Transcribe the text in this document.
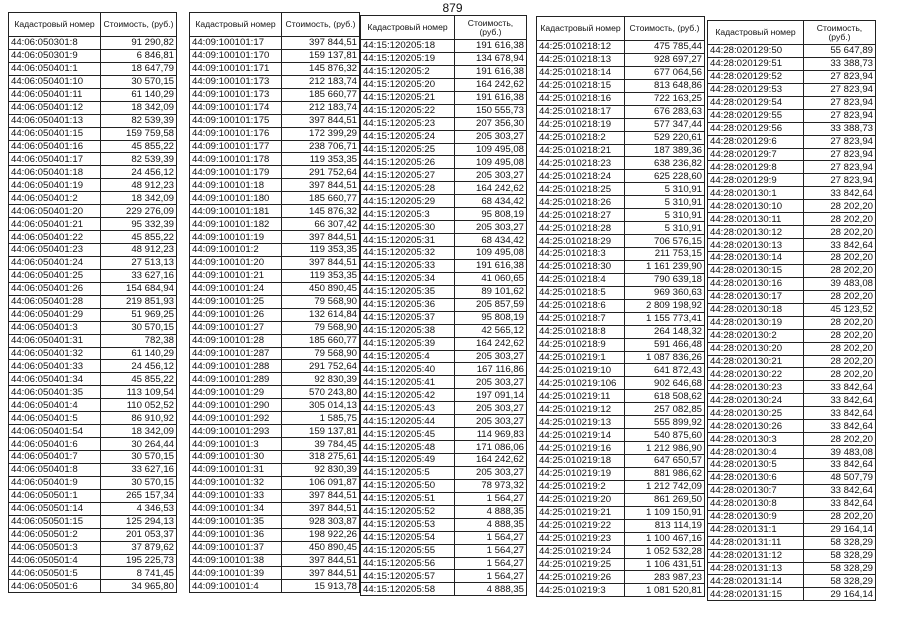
879
Кадастровый номер	Стоимость, (руб.)
44:06:050301:8	91 290,82
44:06:050301:9	6 846,81
44:06:050401:1	18 647,79
44:06:050401:10	30 570,15
44:06:050401:11	61 140,29
44:06:050401:12	18 342,09
44:06:050401:13	82 539,39
44:06:050401:15	159 759,58
44:06:050401:16	45 855,22
44:06:050401:17	82 539,39
44:06:050401:18	24 456,12
44:06:050401:19	48 912,23
44:06:050401:2	18 342,09
44:06:050401:20	229 276,09
44:06:050401:21	95 332,39
44:06:050401:22	45 855,22
44:06:050401:23	48 912,23
44:06:050401:24	27 513,13
44:06:050401:25	33 627,16
44:06:050401:26	154 684,94
44:06:050401:28	219 851,93
44:06:050401:29	51 969,25
44:06:050401:3	30 570,15
44:06:050401:31	782,38
44:06:050401:32	61 140,29
44:06:050401:33	24 456,12
44:06:050401:34	45 855,22
44:06:050401:35	113 109,54
44:06:050401:4	110 052,52
44:06:050401:5	86 910,92
44:06:050401:54	18 342,09
44:06:050401:6	30 264,44
44:06:050401:7	30 570,15
44:06:050401:8	33 627,16
44:06:050401:9	30 570,15
44:06:050501:1	265 157,34
44:06:050501:14	4 346,53
44:06:050501:15	125 294,13
44:06:050501:2	201 053,37
44:06:050501:3	37 879,62
44:06:050501:4	195 225,73
44:06:050501:5	8 741,45
44:06:050501:6	34 965,80
Кадастровый номер	Стоимость, (руб.)
44:09:100101:17	397 844,51
44:09:100101:170	159 137,81
44:09:100101:171	145 876,32
44:09:100101:173	212 183,74
44:09:100101:173	185 660,77
44:09:100101:174	212 183,74
44:09:100101:175	397 844,51
44:09:100101:176	172 399,29
44:09:100101:177	238 706,71
44:09:100101:178	119 353,35
44:09:100101:179	291 752,64
44:09:100101:18	397 844,51
44:09:100101:180	185 660,77
44:09:100101:181	145 876,32
44:09:100101:182	66 307,42
44:09:100101:19	397 844,51
44:09:100101:2	119 353,35
44:09:100101:20	397 844,51
44:09:100101:21	119 353,35
44:09:100101:24	450 890,45
44:09:100101:25	79 568,90
44:09:100101:26	132 614,84
44:09:100101:27	79 568,90
44:09:100101:28	185 660,77
44:09:100101:287	79 568,90
44:09:100101:288	291 752,64
44:09:100101:289	92 830,39
44:09:100101:29	570 243,80
44:09:100101:290	305 014,13
44:09:100101:292	1 585,75
44:09:100101:293	159 137,81
44:09:100101:3	39 784,45
44:09:100101:30	318 275,61
44:09:100101:31	92 830,39
44:09:100101:32	106 091,87
44:09:100101:33	397 844,51
44:09:100101:34	397 844,51
44:09:100101:35	928 303,87
44:09:100101:36	198 922,26
44:09:100101:37	450 890,45
44:09:100101:38	397 844,51
44:09:100101:39	397 844,51
44:09:100101:4	15 913,78
Кадастровый номер	Стоимость, (руб.)
44:15:120205:18	191 616,38
44:15:120205:19	134 678,94
44:15:120205:2	191 616,38
44:15:120205:20	164 242,62
44:15:120205:21	191 616,38
44:15:120205:22	150 555,73
44:15:120205:23	207 356,30
44:15:120205:24	205 303,27
44:15:120205:25	109 495,08
44:15:120205:26	109 495,08
44:15:120205:27	205 303,27
44:15:120205:28	164 242,62
44:15:120205:29	68 434,42
44:15:120205:3	95 808,19
44:15:120205:30	205 303,27
44:15:120205:31	68 434,42
44:15:120205:32	109 495,08
44:15:120205:33	191 616,38
44:15:120205:34	41 060,65
44:15:120205:35	89 101,62
44:15:120205:36	205 857,59
44:15:120205:37	95 808,19
44:15:120205:38	42 565,12
44:15:120205:39	164 242,62
44:15:120205:4	205 303,27
44:15:120205:40	167 116,86
44:15:120205:41	205 303,27
44:15:120205:42	197 091,14
44:15:120205:43	205 303,27
44:15:120205:44	205 303,27
44:15:120205:45	114 969,83
44:15:120205:48	171 086,06
44:15:120205:49	164 242,62
44:15:120205:5	205 303,27
44:15:120205:50	78 973,32
44:15:120205:51	1 564,27
44:15:120205:52	4 888,35
44:15:120205:53	4 888,35
44:15:120205:54	1 564,27
44:15:120205:55	1 564,27
44:15:120205:56	1 564,27
44:15:120205:57	1 564,27
44:15:120205:58	4 888,35
Кадастровый номер	Стоимость, (руб.)
44:25:010218:12	475 785,44
44:25:010218:13	928 697,27
44:25:010218:14	677 064,56
44:25:010218:15	813 648,86
44:25:010218:16	722 163,25
44:25:010218:17	676 283,63
44:25:010218:19	577 347,44
44:25:010218:2	529 220,61
44:25:010218:21	187 389,36
44:25:010218:23	638 236,82
44:25:010218:24	625 228,60
44:25:010218:25	5 310,91
44:25:010218:26	5 310,91
44:25:010218:27	5 310,91
44:25:010218:28	5 310,91
44:25:010218:29	706 576,15
44:25:010218:3	211 753,15
44:25:010218:30	1 161 239,90
44:25:010218:4	790 639,18
44:25:010218:5	969 360,63
44:25:010218:6	2 809 198,92
44:25:010218:7	1 155 773,41
44:25:010218:8	264 148,32
44:25:010218:9	591 466,48
44:25:010219:1	1 087 836,26
44:25:010219:10	641 872,43
44:25:010219:106	902 646,68
44:25:010219:11	618 508,62
44:25:010219:12	257 082,85
44:25:010219:13	555 899,92
44:25:010219:14	540 875,60
44:25:010219:16	1 212 986,90
44:25:010219:18	647 650,57
44:25:010219:19	881 986,62
44:25:010219:2	1 212 742,09
44:25:010219:20	861 269,50
44:25:010219:21	1 109 150,91
44:25:010219:22	813 114,19
44:25:010219:23	1 100 467,16
44:25:010219:24	1 052 532,28
44:25:010219:25	1 106 431,51
44:25:010219:26	283 987,23
44:25:010219:3	1 081 520,81
Кадастровый номер	Стоимость, (руб.)
44:28:020129:50	55 647,89
44:28:020129:51	33 388,73
44:28:020129:52	27 823,94
44:28:020129:53	27 823,94
44:28:020129:54	27 823,94
44:28:020129:55	27 823,94
44:28:020129:56	33 388,73
44:28:020129:6	27 823,94
44:28:020129:7	27 823,94
44:28:020129:8	27 823,94
44:28:020129:9	27 823,94
44:28:020130:1	33 842,64
44:28:020130:10	28 202,20
44:28:020130:11	28 202,20
44:28:020130:12	28 202,20
44:28:020130:13	33 842,64
44:28:020130:14	28 202,20
44:28:020130:15	28 202,20
44:28:020130:16	39 483,08
44:28:020130:17	28 202,20
44:28:020130:18	45 123,52
44:28:020130:19	28 202,20
44:28:020130:2	28 202,20
44:28:020130:20	28 202,20
44:28:020130:21	28 202,20
44:28:020130:22	28 202,20
44:28:020130:23	33 842,64
44:28:020130:24	33 842,64
44:28:020130:25	33 842,64
44:28:020130:26	33 842,64
44:28:020130:3	28 202,20
44:28:020130:4	39 483,08
44:28:020130:5	33 842,64
44:28:020130:6	48 507,79
44:28:020130:7	33 842,64
44:28:020130:8	33 842,64
44:28:020130:9	28 202,20
44:28:020131:1	29 164,14
44:28:020131:11	58 328,29
44:28:020131:12	58 328,29
44:28:020131:13	58 328,29
44:28:020131:14	58 328,29
44:28:020131:15	29 164,14
